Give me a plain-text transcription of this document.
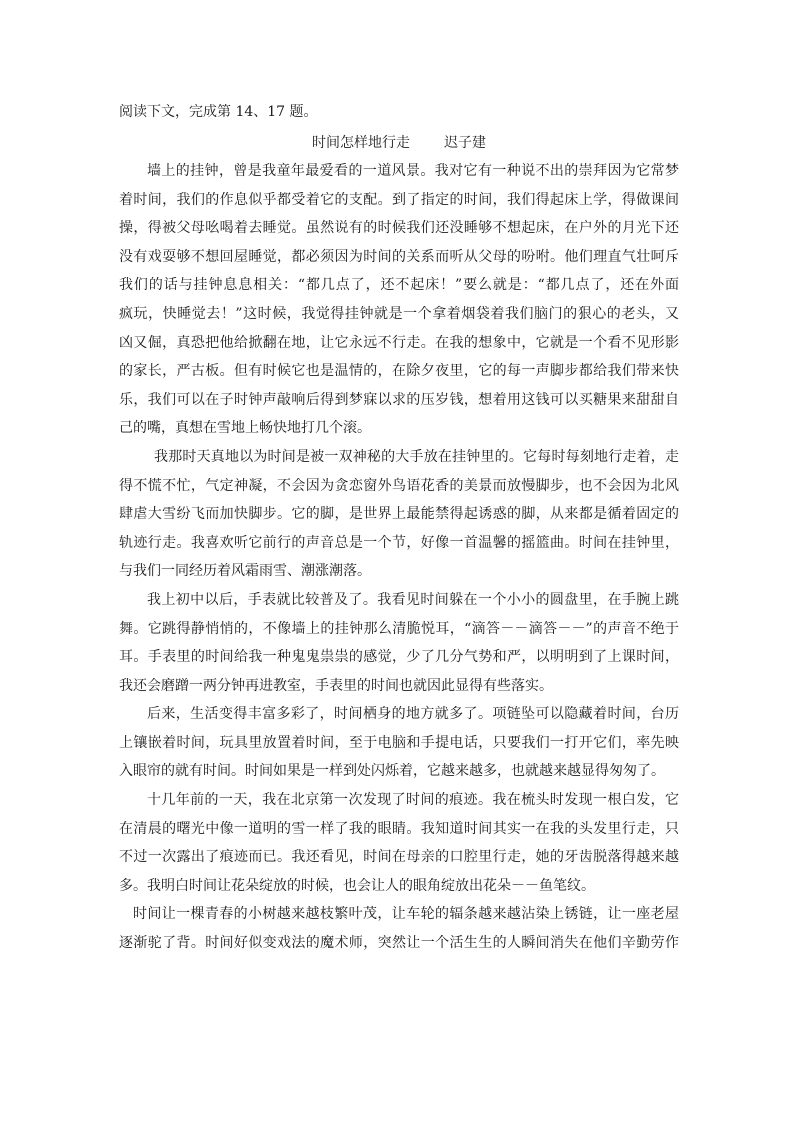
阅读下文，完成第 14、17 题。

时间怎样地行走 迟子建

墙上的挂钟，曾是我童年最爱看的一道风景。我对它有一种说不出的崇拜因为它常梦
着时间，我们的作息似乎都受着它的支配。到了指定的时间，我们得起床上学，得做课间
操，得被父母吆喝着去睡觉。虽然说有的时候我们还没睡够不想起床，在户外的月光下还
没有戏耍够不想回屋睡觉，都必须因为时间的关系而听从父母的吩咐。他们理直气壮呵斥
我们的话与挂钟息息相关：“都几点了，还不起床！”要么就是：“都几点了，还在外面
疯玩，快睡觉去！”这时候，我觉得挂钟就是一个拿着烟袋着我们脑门的狠心的老头，又
凶又倔，真恐把他给掀翻在地，让它永远不行走。在我的想象中，它就是一个看不见形影
的家长，严古板。但有时候它也是温情的，在除夕夜里，它的每一声脚步都给我们带来快
乐，我们可以在子时钟声敲响后得到梦寐以求的压岁钱，想着用这钱可以买糖果来甜甜自
己的嘴，真想在雪地上畅快地打几个滚。
我那时天真地以为时间是被一双神秘的大手放在挂钟里的。它每时每刻地行走着，走
得不慌不忙，气定神凝，不会因为贪恋窗外鸟语花香的美景而放慢脚步，也不会因为北风
肆虐大雪纷飞而加快脚步。它的脚，是世界上最能禁得起诱惑的脚，从来都是循着固定的
轨迹行走。我喜欢听它前行的声音总是一个节，好像一首温馨的摇篮曲。时间在挂钟里，
与我们一同经历着风霜雨雪、潮涨潮落。
我上初中以后，手表就比较普及了。我看见时间躲在一个小小的圆盘里，在手腕上跳
舞。它跳得静悄悄的，不像墙上的挂钟那么清脆悦耳，“滴答－－滴答－－”的声音不绝于
耳。手表里的时间给我一种鬼鬼祟祟的感觉，少了几分气势和严，以明明到了上课时间，
我还会磨蹭一两分钟再进教室，手表里的时间也就因此显得有些落实。
后来，生活变得丰富多彩了，时间栖身的地方就多了。项链坠可以隐藏着时间，台历
上镶嵌着时间，玩具里放置着时间，至于电脑和手提电话，只要我们一打开它们，率先映
入眼帘的就有时间。时间如果是一样到处闪烁着，它越来越多，也就越来越显得匆匆了。
十几年前的一天，我在北京第一次发现了时间的痕迹。我在梳头时发现一根白发，它
在清晨的曙光中像一道明的雪一样了我的眼睛。我知道时间其实一在我的头发里行走，只
不过一次露出了痕迹而已。我还看见，时间在母亲的口腔里行走，她的牙齿脱落得越来越
多。我明白时间让花朵绽放的时候，也会让人的眼角绽放出花朵－－鱼笔纹。
时间让一棵青春的小树越来越枝繁叶茂，让车轮的辐条越来越沾染上锈链，让一座老屋
逐渐驼了背。时间好似变戏法的魔术师，突然让一个活生生的人瞬间消失在他们辛勤劳作
